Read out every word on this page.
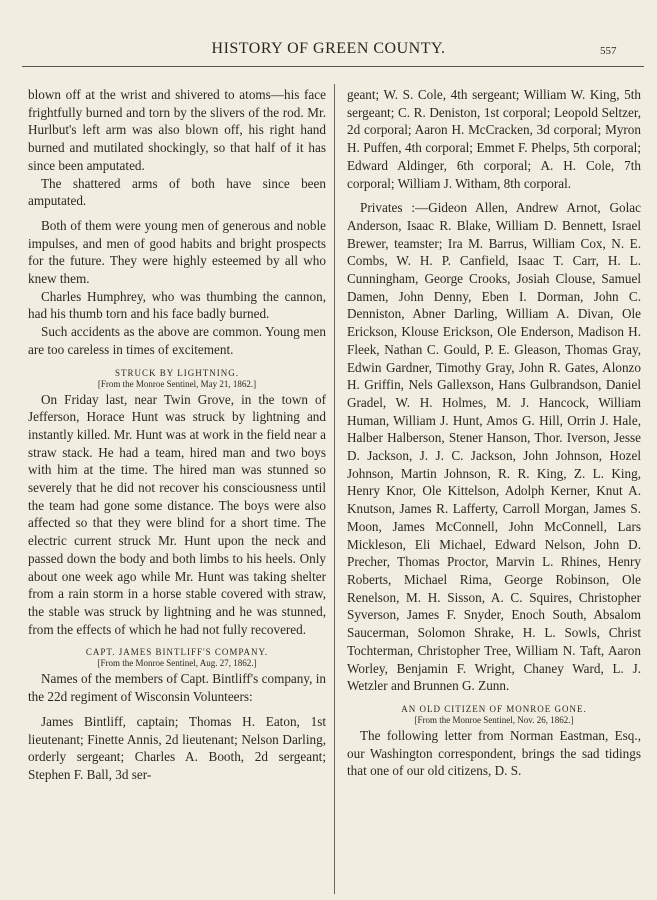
HISTORY OF GREEN COUNTY.	557

blown off at the wrist and shivered to atoms—his face frightfully burned and torn by the slivers of the rod. Mr. Hurlbut's left arm was also blown off, his right hand burned and mutilated shockingly, so that half of it has since been amputated.

The shattered arms of both have since been amputated.

Both of them were young men of generous and noble impulses, and men of good habits and bright prospects for the future. They were highly esteemed by all who knew them.

Charles Humphrey, who was thumbing the cannon, had his thumb torn and his face badly burned.

Such accidents as the above are common. Young men are too careless in times of excitement.

STRUCK BY LIGHTNING.
[From the Monroe Sentinel, May 21, 1862.]

On Friday last, near Twin Grove, in the town of Jefferson, Horace Hunt was struck by lightning and instantly killed. Mr. Hunt was at work in the field near a straw stack. He had a team, hired man and two boys with him at the time. The hired man was stunned so severely that he did not recover his consciousness until the team had gone some distance. The boys were also affected so that they were blind for a short time. The electric current struck Mr. Hunt upon the neck and passed down the body and both limbs to his heels. Only about one week ago while Mr. Hunt was taking shelter from a rain storm in a horse stable covered with straw, the stable was struck by lightning and he was stunned, from the effects of which he had not fully recovered.

CAPT. JAMES BINTLIFF'S COMPANY.
[From the Monroe Sentinel, Aug. 27, 1862.]

Names of the members of Capt. Bintliff's company, in the 22d regiment of Wisconsin Volunteers:

James Bintliff, captain; Thomas H. Eaton, 1st lieutenant; Finette Annis, 2d lieutenant; Nelson Darling, orderly sergeant; Charles A. Booth, 2d sergeant; Stephen F. Ball, 3d ser-

geant; W. S. Cole, 4th sergeant; William W. King, 5th sergeant; C. R. Deniston, 1st corporal; Leopold Seltzer, 2d corporal; Aaron H. McCracken, 3d corporal; Myron H. Puffen, 4th corporal; Emmet F. Phelps, 5th corporal; Edward Aldinger, 6th corporal; A. H. Cole, 7th corporal; William J. Witham, 8th corporal.

Privates :—Gideon Allen, Andrew Arnot, Golac Anderson, Isaac R. Blake, William D. Bennett, Israel Brewer, teamster; Ira M. Barrus, William Cox, N. E. Combs, W. H. P. Canfield, Isaac T. Carr, H. L. Cunningham, George Crooks, Josiah Clouse, Samuel Damen, John Denny, Eben I. Dorman, John C. Denniston, Abner Darling, William A. Divan, Ole Erickson, Klouse Erickson, Ole Enderson, Madison H. Fleek, Nathan C. Gould, P. E. Gleason, Thomas Gray, Edwin Gardner, Timothy Gray, John R. Gates, Alonzo H. Griffin, Nels Gallexson, Hans Gulbrandson, Daniel Gradel, W. H. Holmes, M. J. Hancock, William Human, William J. Hunt, Amos G. Hill, Orrin J. Hale, Halber Halberson, Stener Hanson, Thor. Iverson, Jesse D. Jackson, J. J. C. Jackson, John Johnson, Hozel Johnson, Martin Johnson, R. R. King, Z. L. King, Henry Knor, Ole Kittelson, Adolph Kerner, Knut A. Knutson, James R. Lafferty, Carroll Morgan, James S. Moon, James McConnell, John McConnell, Lars Mickleson, Eli Michael, Edward Nelson, John D. Precher, Thomas Proctor, Marvin L. Rhines, Henry Roberts, Michael Rima, George Robinson, Ole Renelson, M. H. Sisson, A. C. Squires, Christopher Syverson, James F. Snyder, Enoch South, Absalom Saucerman, Solomon Shrake, H. L. Sowls, Christ Tochterman, Christopher Tree, William N. Taft, Aaron Worley, Benjamin F. Wright, Chaney Ward, L. J. Wetzler and Brunnen G. Zunn.

AN OLD CITIZEN OF MONROE GONE.
[From the Monroe Sentinel, Nov. 26, 1862.]

The following letter from Norman Eastman, Esq., our Washington correspondent, brings the sad tidings that one of our old citizens, D. S.
